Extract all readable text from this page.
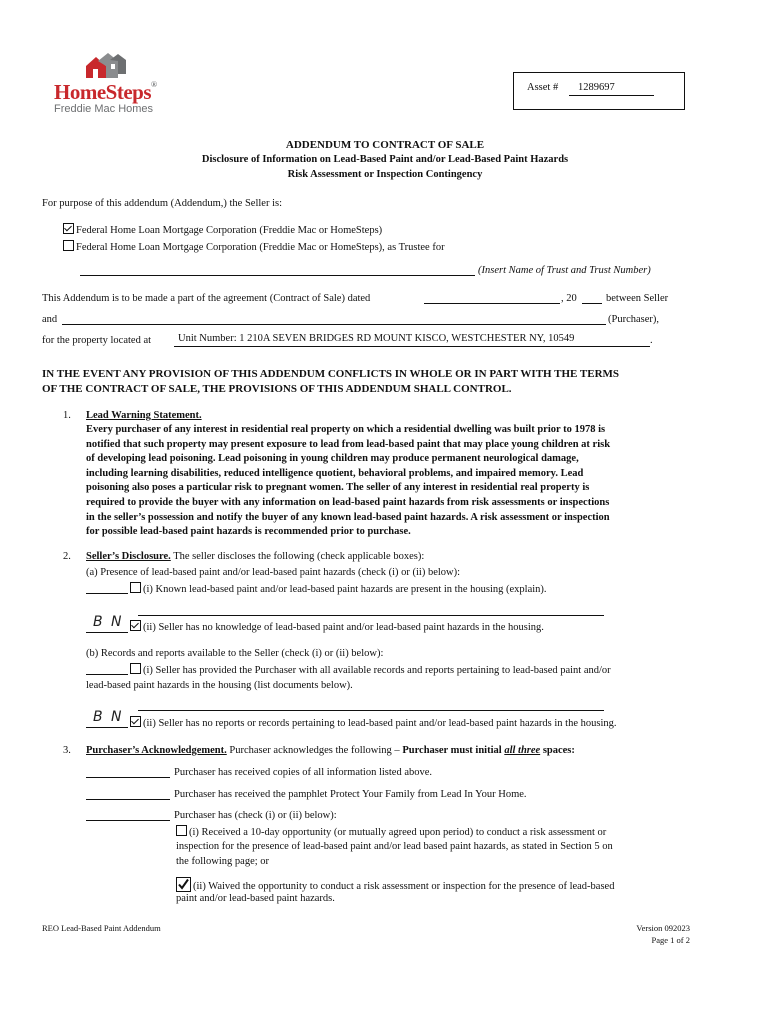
HomeSteps®
Freddie Mac Homes
Asset #	1289697
ADDENDUM TO CONTRACT OF SALE
Disclosure of Information on Lead-Based Paint and/or Lead-Based Paint Hazards
Risk Assessment or Inspection Contingency
For purpose of this addendum (Addendum,) the Seller is:
Federal Home Loan Mortgage Corporation (Freddie Mac or HomeSteps)
Federal Home Loan Mortgage Corporation (Freddie Mac or HomeSteps), as Trustee for
(Insert Name of Trust and Trust Number)
This Addendum is to be made a part of the agreement (Contract of Sale) dated	, 20	between Seller
and	(Purchaser),
for the property located at	Unit Number: 1 210A SEVEN BRIDGES RD MOUNT KISCO, WESTCHESTER NY, 10549	.
IN THE EVENT ANY PROVISION OF THIS ADDENDUM CONFLICTS IN WHOLE OR IN PART WITH THE TERMS
OF THE CONTRACT OF SALE, THE PROVISIONS OF THIS ADDENDUM SHALL CONTROL.
1. Lead Warning Statement.
Every purchaser of any interest in residential real property on which a residential dwelling was built prior to 1978 is
notified that such property may present exposure to lead from lead-based paint that may place young children at risk
of developing lead poisoning. Lead poisoning in young children may produce permanent neurological damage,
including learning disabilities, reduced intelligence quotient, behavioral problems, and impaired memory. Lead
poisoning also poses a particular risk to pregnant women. The seller of any interest in residential real property is
required to provide the buyer with any information on lead-based paint hazards from risk assessments or inspections
in the seller’s possession and notify the buyer of any known lead-based paint hazards. A risk assessment or inspection
for possible lead-based paint hazards is recommended prior to purchase.
2. Seller’s Disclosure. The seller discloses the following (check applicable boxes):
(a) Presence of lead-based paint and/or lead-based paint hazards (check (i) or (ii) below):
(i) Known lead-based paint and/or lead-based paint hazards are present in the housing (explain).
B N	(ii) Seller has no knowledge of lead-based paint and/or lead-based paint hazards in the housing.
(b) Records and reports available to the Seller (check (i) or (ii) below):
(i) Seller has provided the Purchaser with all available records and reports pertaining to lead-based paint and/or
lead-based paint hazards in the housing (list documents below).
B N	(ii) Seller has no reports or records pertaining to lead-based paint and/or lead-based paint hazards in the housing.
3. Purchaser’s Acknowledgement. Purchaser acknowledges the following – Purchaser must initial all three spaces:
Purchaser has received copies of all information listed above.
Purchaser has received the pamphlet Protect Your Family from Lead In Your Home.
Purchaser has (check (i) or (ii) below):
(i) Received a 10-day opportunity (or mutually agreed upon period) to conduct a risk assessment or
inspection for the presence of lead-based paint and/or lead based paint hazards, as stated in Section 5 on
the following page; or
(ii) Waived the opportunity to conduct a risk assessment or inspection for the presence of lead-based
paint and/or lead-based paint hazards.
REO Lead-Based Paint Addendum	Version 092023
Page 1 of 2
